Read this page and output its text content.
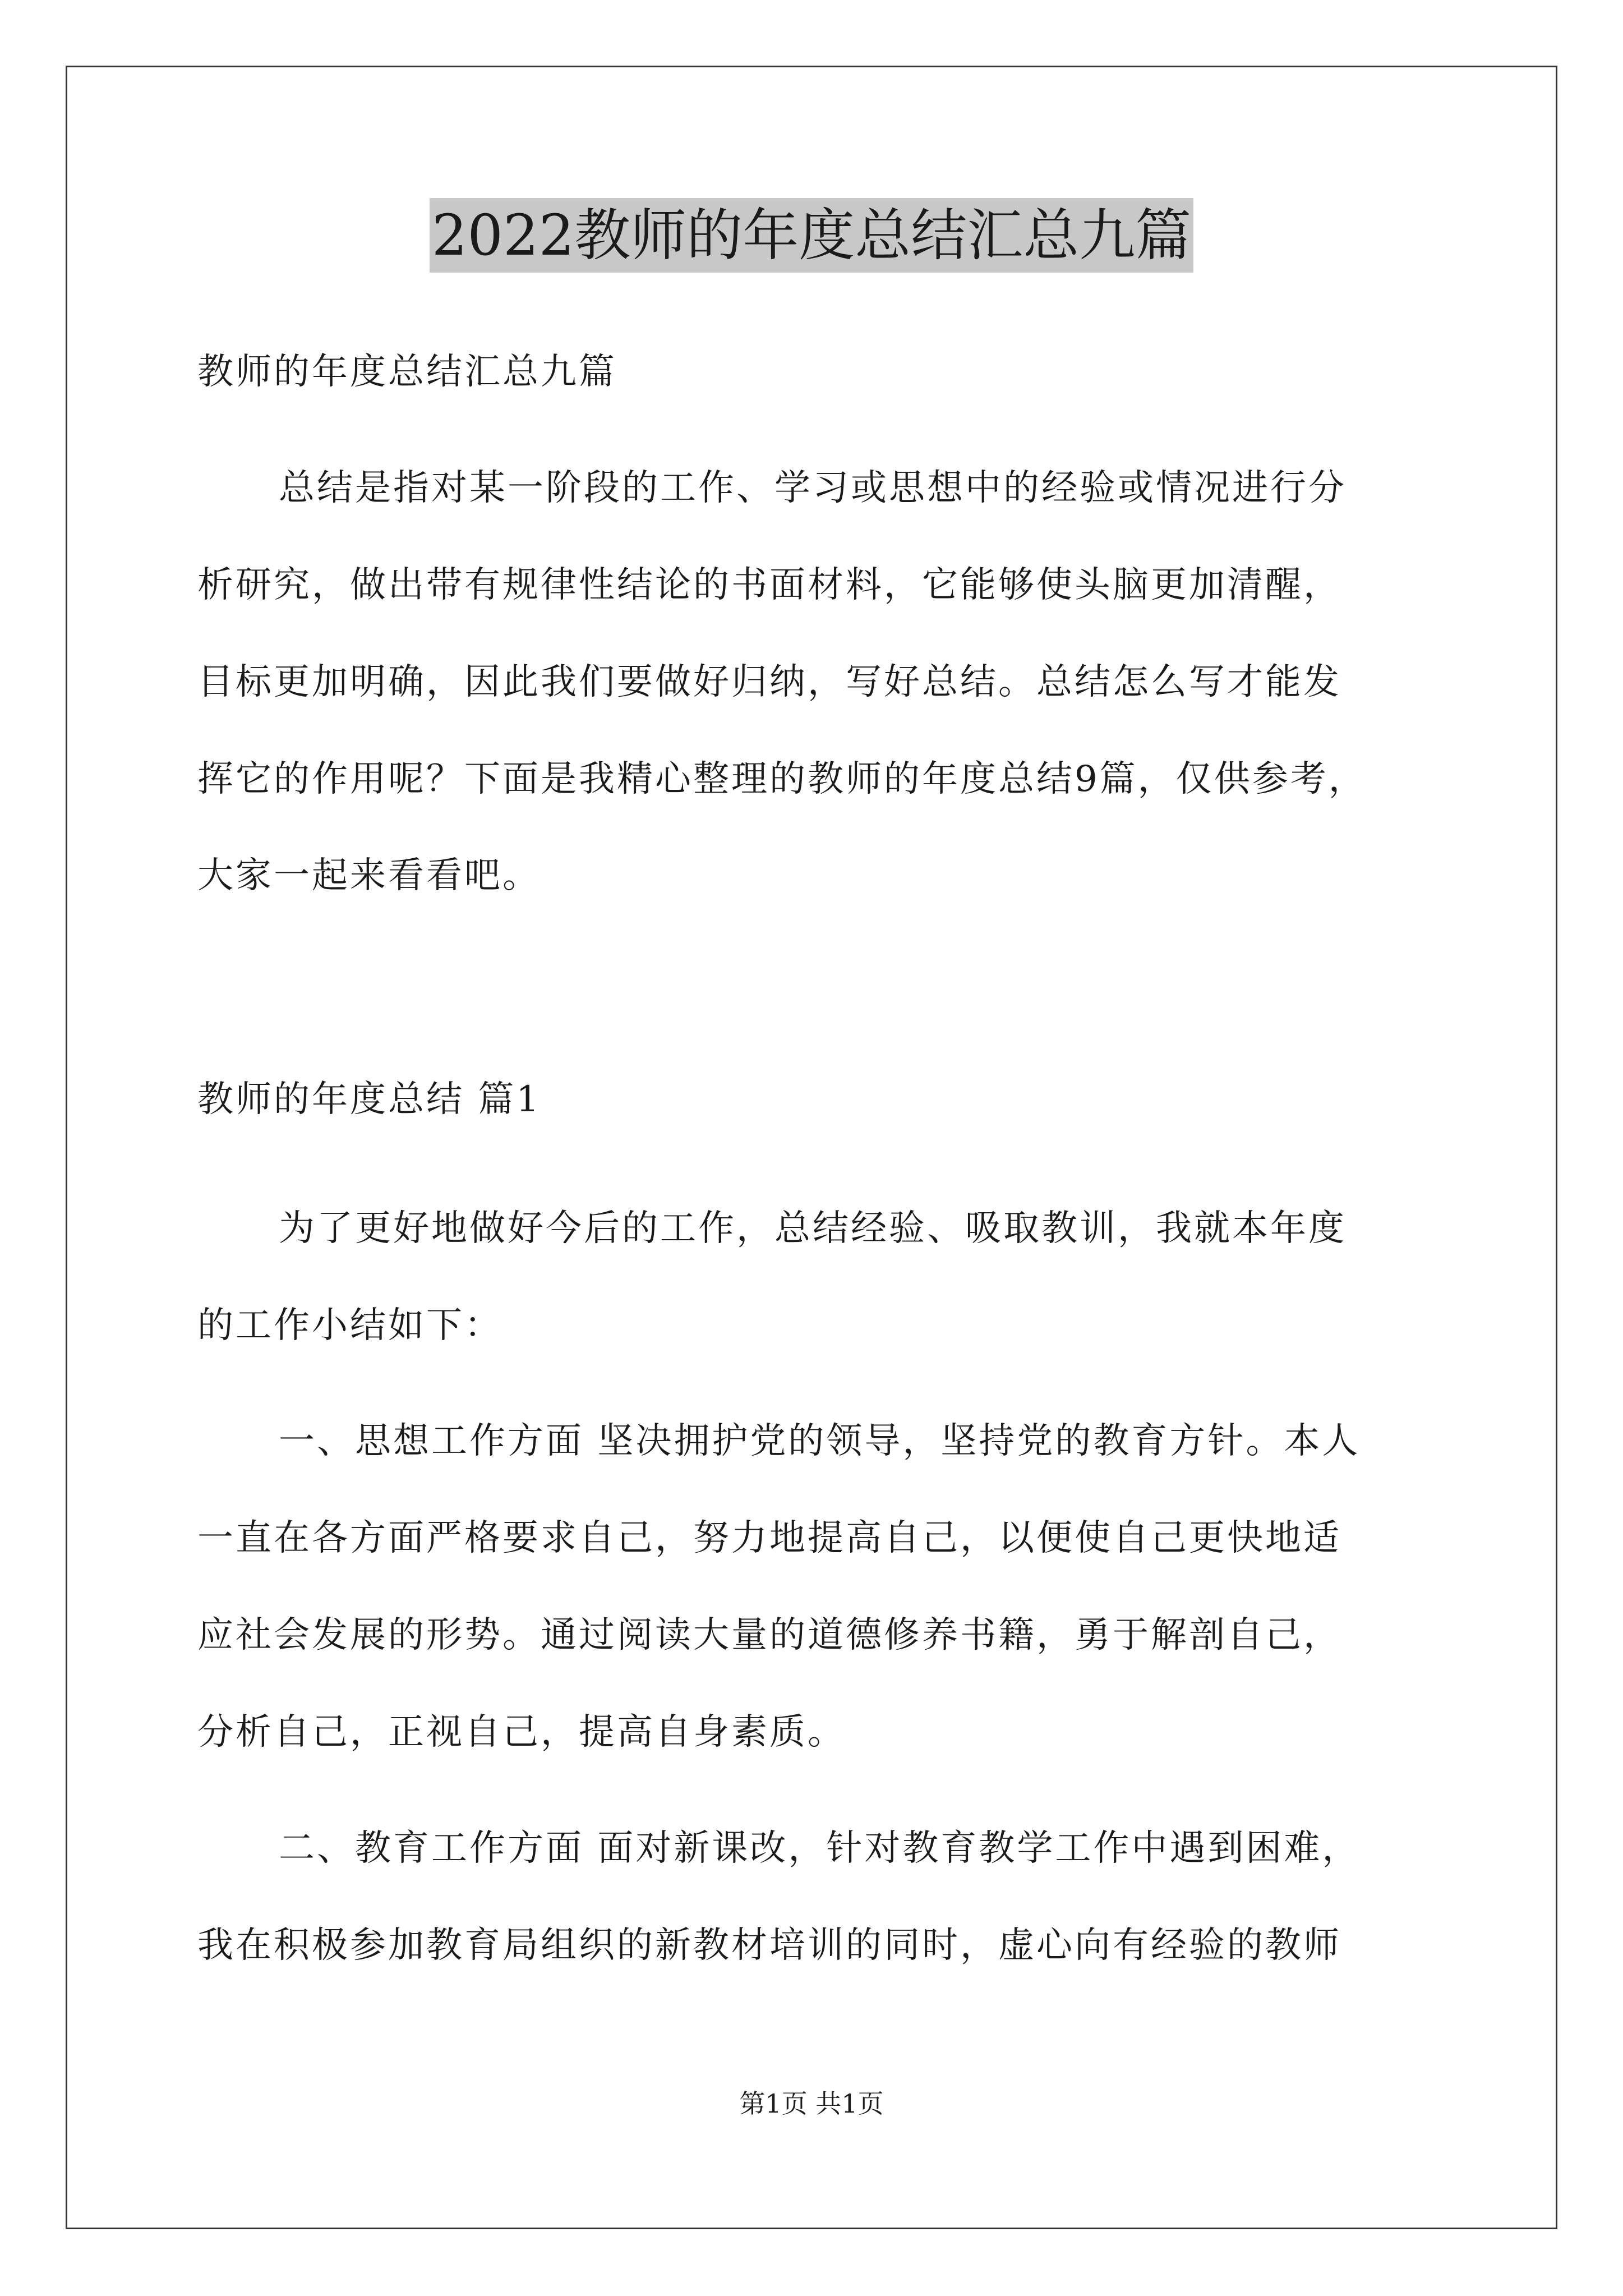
2022教师的年度总结汇总九篇
教师的年度总结汇总九篇
总结是指对某一阶段的工作、学习或思想中的经验或情况进行分
析研究，做出带有规律性结论的书面材料，它能够使头脑更加清醒，
目标更加明确，因此我们要做好归纳，写好总结。总结怎么写才能发
挥它的作用呢？下面是我精心整理的教师的年度总结9篇，仅供参考，
大家一起来看看吧。
教师的年度总结 篇1
为了更好地做好今后的工作，总结经验、吸取教训，我就本年度
的工作小结如下：
一、思想工作方面 坚决拥护党的领导，坚持党的教育方针。本人
一直在各方面严格要求自己，努力地提高自己，以便使自己更快地适
应社会发展的形势。通过阅读大量的道德修养书籍，勇于解剖自己，
分析自己，正视自己，提高自身素质。
二、教育工作方面 面对新课改，针对教育教学工作中遇到困难，
我在积极参加教育局组织的新教材培训的同时，虚心向有经验的教师
第1页 共1页
